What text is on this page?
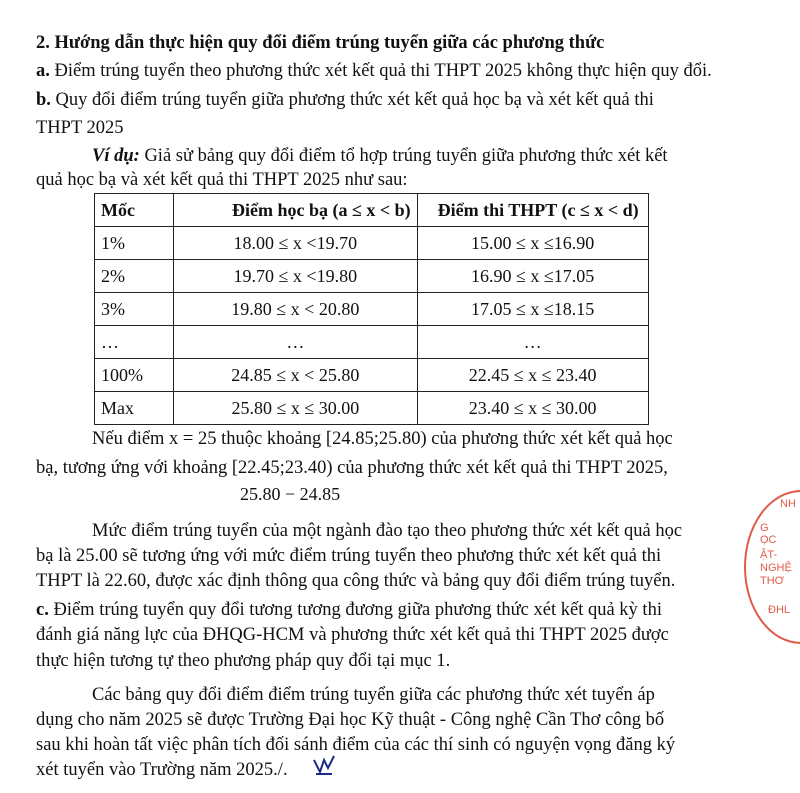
2. Hướng dẫn thực hiện quy đổi điểm trúng tuyển giữa các phương thức
a. Điểm trúng tuyển theo phương thức xét kết quả thi THPT 2025 không thực hiện quy đổi.
b. Quy đổi điểm trúng tuyển giữa phương thức xét kết quả học bạ và xét kết quả thi
THPT 2025
Ví dụ: Giả sử bảng quy đổi điểm tổ hợp trúng tuyển giữa phương thức xét kết
quả học bạ và xét kết quả thi THPT 2025 như sau:
Mốc	Điểm học bạ (a ≤ x < b)	Điểm thi THPT (c ≤ x < d)
1%	18.00 ≤ x <19.70	15.00 ≤ x ≤16.90
2%	19.70 ≤ x <19.80	16.90 ≤ x ≤17.05
3%	19.80 ≤ x < 20.80	17.05 ≤ x ≤18.15
…	…	…
100%	24.85 ≤ x < 25.80	22.45 ≤ x ≤ 23.40
Max	25.80 ≤ x ≤ 30.00	23.40 ≤ x ≤ 30.00
Nếu điểm x = 25 thuộc khoảng [24.85;25.80) của phương thức xét kết quả học
bạ, tương ứng với khoảng [22.45;23.40) của phương thức xét kết quả thi THPT 2025,
25.80 − 24.85
Mức điểm trúng tuyển của một ngành đào tạo theo phương thức xét kết quả học
bạ là 25.00 sẽ tương ứng với mức điểm trúng tuyển theo phương thức xét kết quả thi
THPT là 22.60, được xác định thông qua công thức và bảng quy đổi điểm trúng tuyển.
c. Điểm trúng tuyển quy đổi tương tương đương giữa phương thức xét kết quả kỳ thi
đánh giá năng lực của ĐHQG-HCM và phương thức xét kết quả thi THPT 2025 được
thực hiện tương tự theo phương pháp quy đổi tại mục 1.
Các bảng quy đổi điểm điểm trúng tuyển giữa các phương thức xét tuyển áp
dụng cho năm 2025 sẽ được Trường Đại học Kỹ thuật - Công nghệ Cần Thơ công bố
sau khi hoàn tất việc phân tích đối sánh điểm của các thí sinh có nguyện vọng đăng ký
xét tuyển vào Trường năm 2025./.
NH
G
ỌC
ẬT-
NGHỆ
THƠ
ĐHL
